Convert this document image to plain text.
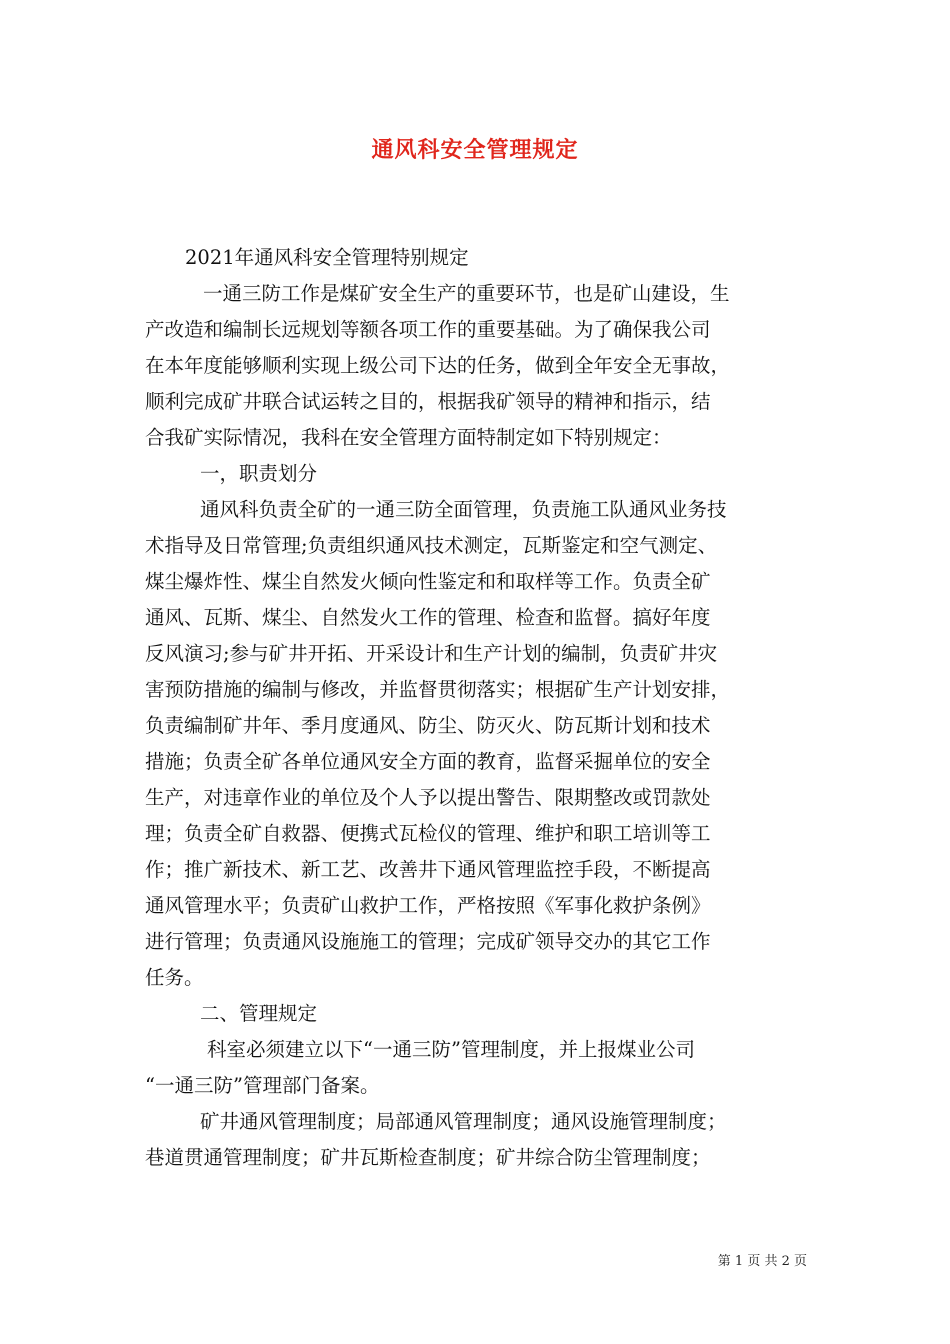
通风科安全管理规定
2021年通风科安全管理特别规定
一通三防工作是煤矿安全生产的重要环节，也是矿山建设，生
产改造和编制长远规划等额各项工作的重要基础。为了确保我公司
在本年度能够顺利实现上级公司下达的任务，做到全年安全无事故，
顺利完成矿井联合试运转之目的，根据我矿领导的精神和指示，结
合我矿实际情况，我科在安全管理方面特制定如下特别规定：
一，职责划分
通风科负责全矿的一通三防全面管理，负责施工队通风业务技
术指导及日常管理;负责组织通风技术测定，瓦斯鉴定和空气测定、
煤尘爆炸性、煤尘自然发火倾向性鉴定和和取样等工作。负责全矿
通风、瓦斯、煤尘、自然发火工作的管理、检查和监督。搞好年度
反风演习;参与矿井开拓、开采设计和生产计划的编制，负责矿井灾
害预防措施的编制与修改，并监督贯彻落实；根据矿生产计划安排，
负责编制矿井年、季月度通风、防尘、防灭火、防瓦斯计划和技术
措施；负责全矿各单位通风安全方面的教育，监督采掘单位的安全
生产，对违章作业的单位及个人予以提出警告、限期整改或罚款处
理；负责全矿自救器、便携式瓦检仪的管理、维护和职工培训等工
作；推广新技术、新工艺、改善井下通风管理监控手段，不断提高
通风管理水平；负责矿山救护工作，严格按照《军事化救护条例》
进行管理；负责通风设施施工的管理；完成矿领导交办的其它工作
任务。
二、管理规定
科室必须建立以下“一通三防”管理制度，并上报煤业公司
“一通三防”管理部门备案。
矿井通风管理制度；局部通风管理制度；通风设施管理制度；
巷道贯通管理制度；矿井瓦斯检查制度；矿井综合防尘管理制度；
第 1 页 共 2 页
